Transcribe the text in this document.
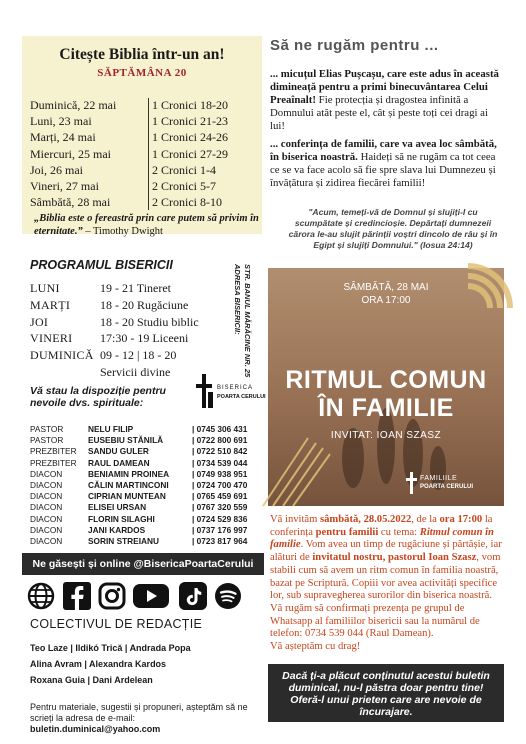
Citește Biblia într-un an!
SĂPTĂMÂNA 20
Duminică, 22 mai	1 Cronici 18-20
Luni, 23 mai	1 Cronici 21-23
Marți, 24 mai	1 Cronici 24-26
Miercuri, 25 mai	1 Cronici 27-29
Joi, 26 mai	2 Cronici 1-4
Vineri, 27 mai	2 Cronici 5-7
Sâmbătă, 28 mai	2 Cronici 8-10
„Biblia este o fereastră prin care putem să privim în eternitate.” – Timothy Dwight
PROGRAMUL BISERICII	ADRESA BISERICII: STR. BANUL MĂRĂCINE NR. 25
Vă stau la dispoziție pentru nevoile dvs. spirituale:
BISERICA
POARTA CERULUI
PASTOR	NELU FILIP	| 0745 306 431
PASTOR	EUSEBIU STĂNILĂ	| 0722 800 691
PREZBITER SANDU GULER	| 0722 510 842
PREZBITER RAUL DAMEAN	| 0734 539 044
DIACON	BENIAMIN PROINEA	| 0749 938 951
DIACON	CĂLIN MARTINCONI	| 0724 700 470
DIACON	CIPRIAN MUNTEAN	| 0765 459 691
DIACON	ELISEI URSAN	| 0767 320 559
DIACON	FLORIN SILAGHI	| 0724 529 836
DIACON	JANI KARDOS	| 0737 176 997
DIACON	SORIN STREIANU	| 0723 817 964
Ne găsești și online @BisericaPoartaCerului
COLECTIVUL DE REDACȚIE
Pentru materiale, sugestii și propuneri, așteptăm să ne scrieți la adresa de e-mail:
buletin.duminical@yahoo.com
Să ne rugăm pentru ...
... micuțul Elias Pușcașu, care este adus în această dimineață pentru a primi binecuvântarea Celui Preaînalt! Fie protecția și dragostea infinită a Domnului atât peste el, cât și peste toți cei dragi ai lui!
... conferința de familii, care va avea loc sâmbătă, în biserica noastră. Haideți să ne rugăm ca tot ceea ce se va face acolo să fie spre slava lui Dumnezeu și învățătura și zidirea fiecărei familii!
"Acum, temeți-vă de Domnul și slujiți-I cu scumpătate și credincioșie. Depărtați dumnezeii cărora le-au slujit părinții voștri dincolo de râu și în Egipt și slujiți Domnului." (Iosua 24:14)
SÂMBĂTĂ, 28 MAI
ORA 17:00
RITMUL COMUN
ÎN FAMILIE
INVITAT: IOAN SZASZ
FAMILIILE
POARTA CERULUI
Vă invităm sâmbătă, 28.05.2022, de la ora 17:00 la conferința pentru familii cu tema: Ritmul comun în familie. Vom avea un timp de rugăciune și părtășie, iar alături de invitatul nostru, pastorul Ioan Szasz, vom stabili cum să avem un ritm comun în familia noastră, bazat pe Scriptură. Copiii vor avea activități specifice lor, sub supravegherea surorilor din biserica noastră.
Vă rugăm să confirmați prezența pe grupul de Whatsapp al familiilor bisericii sau la numărul de telefon: 0734 539 044 (Raul Damean).
Vă așteptăm cu drag!
Dacă ți-a plăcut conținutul acestui buletin duminical, nu-l păstra doar pentru tine! Oferă-l unui prieten care are nevoie de încurajare.
LUNI	19 - 21 Tineret
MARȚI 18 - 20 Rugăciune
JOI	18 - 20 Studiu biblic
VINERI 17:30 - 19 Liceeni
DUMINICĂ 09 - 12 | 18 - 20
Servicii divine
Teo Laze | Ildikó Trică | Andrada Popa
Alina Avram | Alexandra Kardos
Roxana Guia | Dani Ardelean
